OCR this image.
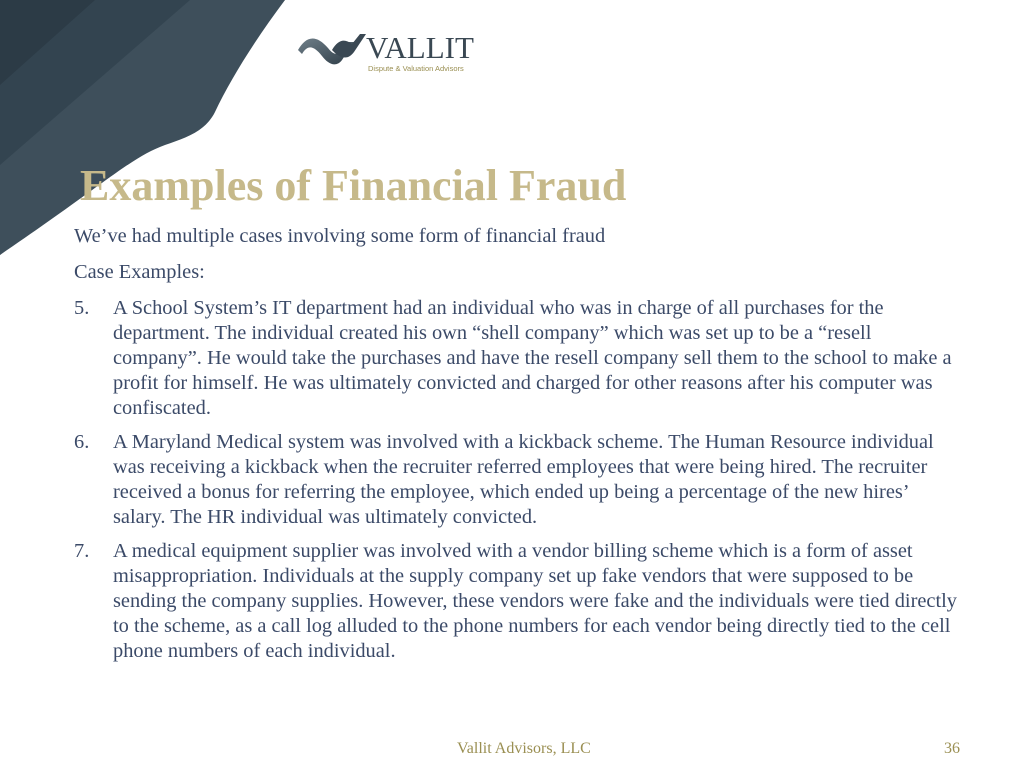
VALLIT
Dispute & Valuation Advisors
Examples of Financial Fraud

We’ve had multiple cases involving some form of financial fraud

Case Examples:

5. A School System’s IT department had an individual who was in charge of all purchases for the department. The individual created his own “shell company” which was set up to be a “resell company”. He would take the purchases and have the resell company sell them to the school to make a profit for himself. He was ultimately convicted and charged for other reasons after his computer was confiscated.
6. A Maryland Medical system was involved with a kickback scheme. The Human Resource individual was receiving a kickback when the recruiter referred employees that were being hired. The recruiter received a bonus for referring the employee, which ended up being a percentage of the new hires’ salary. The HR individual was ultimately convicted.
7. A medical equipment supplier was involved with a vendor billing scheme which is a form of asset misappropriation. Individuals at the supply company set up fake vendors that were supposed to be sending the company supplies. However, these vendors were fake and the individuals were tied directly to the scheme, as a call log alluded to the phone numbers for each vendor being directly tied to the cell phone numbers of each individual.
Vallit Advisors, LLC	36
